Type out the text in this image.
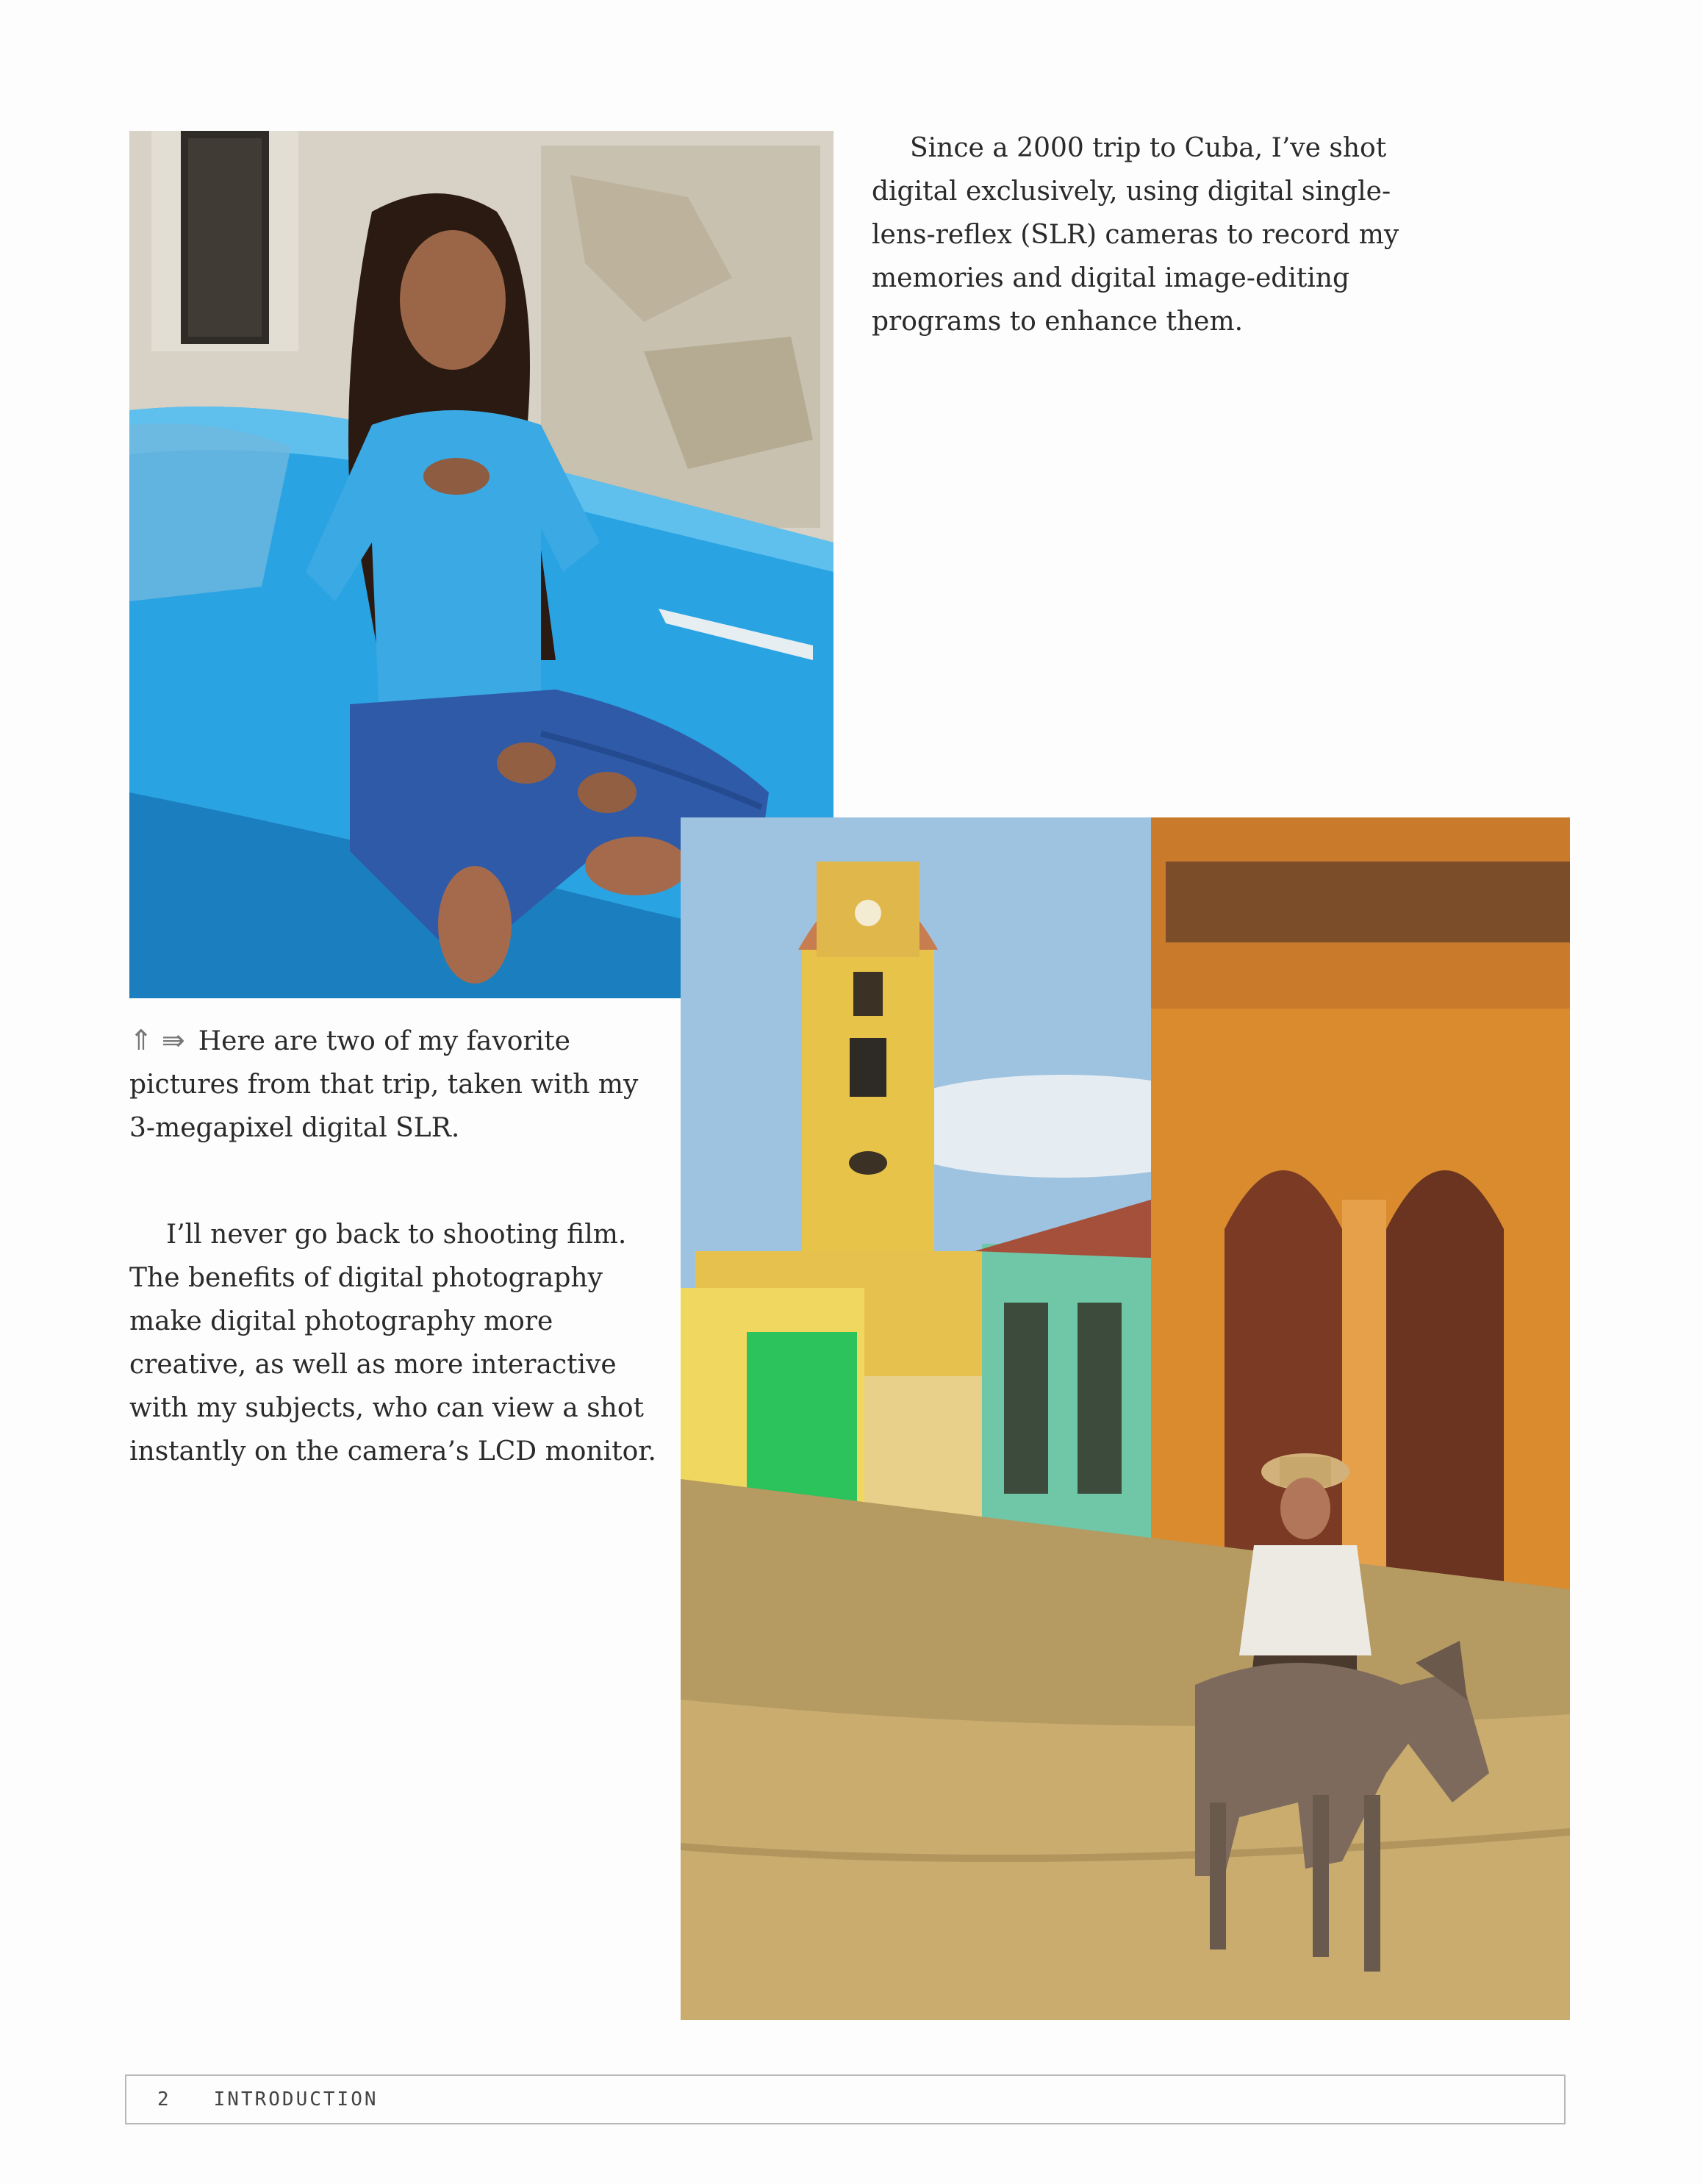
Since a 2000 trip to Cuba, I’ve shot

digital exclusively, using digital single-

lens-reflex (SLR) cameras to record my

memories and digital image-editing

programs to enhance them.

⇑ ⇛ Here are two of my favorite

pictures from that trip, taken with my

3-megapixel digital SLR.

I’ll never go back to shooting film.

The benefits of digital photography

make digital photography more

creative, as well as more interactive

with my subjects, who can view a shot

instantly on the camera’s LCD monitor.

2 INTRODUCTION
